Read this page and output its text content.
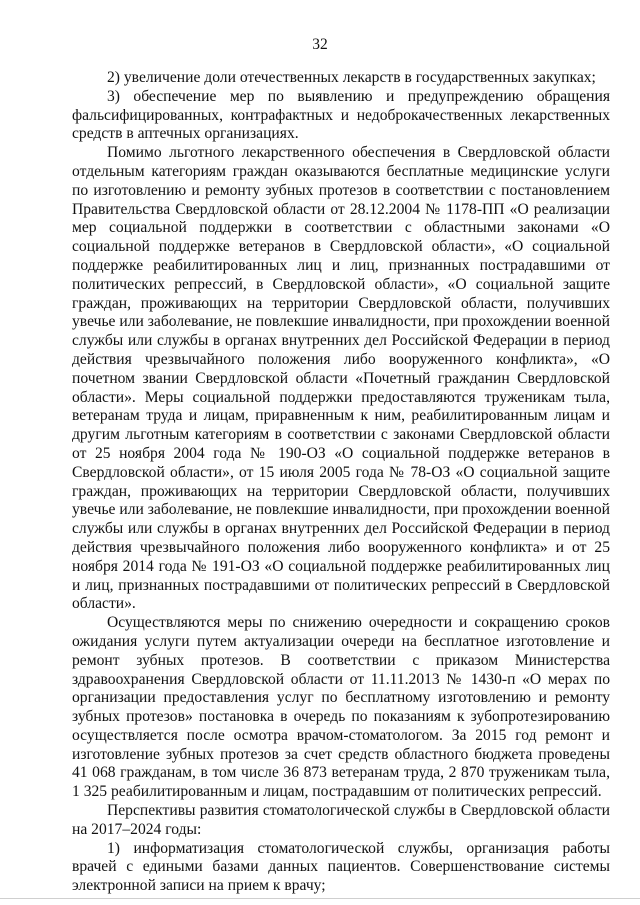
32

2) увеличение доли отечественных лекарств в государственных закупках;

3) обеспечение мер по выявлению и предупреждению обращения фальсифицированных, контрафактных и недоброкачественных лекарственных средств в аптечных организациях.

Помимо льготного лекарственного обеспечения в Свердловской области отдельным категориям граждан оказываются бесплатные медицинские услуги по изготовлению и ремонту зубных протезов в соответствии с постановлением Правительства Свердловской области от 28.12.2004 № 1178-ПП «О реализации мер социальной поддержки в соответствии с областными законами «О социальной поддержке ветеранов в Свердловской области», «О социальной поддержке реабилитированных лиц и лиц, признанных пострадавшими от политических репрессий, в Свердловской области», «О социальной защите граждан, проживающих на территории Свердловской области, получивших увечье или заболевание, не повлекшие инвалидности, при прохождении военной службы или службы в органах внутренних дел Российской Федерации в период действия чрезвычайного положения либо вооруженного конфликта», «О почетном звании Свердловской области «Почетный гражданин Свердловской области». Меры социальной поддержки предоставляются труженикам тыла, ветеранам труда и лицам, приравненным к ним, реабилитированным лицам и другим льготным категориям в соответствии с законами Свердловской области от 25 ноября 2004 года № 190-ОЗ «О социальной поддержке ветеранов в Свердловской области», от 15 июля 2005 года № 78-ОЗ «О социальной защите граждан, проживающих на территории Свердловской области, получивших увечье или заболевание, не повлекшие инвалидности, при прохождении военной службы или службы в органах внутренних дел Российской Федерации в период действия чрезвычайного положения либо вооруженного конфликта» и от 25 ноября 2014 года № 191-ОЗ «О социальной поддержке реабилитированных лиц и лиц, признанных пострадавшими от политических репрессий в Свердловской области».

Осуществляются меры по снижению очередности и сокращению сроков ожидания услуги путем актуализации очереди на бесплатное изготовление и ремонт зубных протезов. В соответствии с приказом Министерства здравоохранения Свердловской области от 11.11.2013 № 1430-п «О мерах по организации предоставления услуг по бесплатному изготовлению и ремонту зубных протезов» постановка в очередь по показаниям к зубопротезированию осуществляется после осмотра врачом-стоматологом. За 2015 год ремонт и изготовление зубных протезов за счет средств областного бюджета проведены 41 068 гражданам, в том числе 36 873 ветеранам труда, 2 870 труженикам тыла, 1 325 реабилитированным и лицам, пострадавшим от политических репрессий.

Перспективы развития стоматологической службы в Свердловской области на 2017–2024 годы:

1) информатизация стоматологической службы, организация работы врачей с едиными базами данных пациентов. Совершенствование системы электронной записи на прием к врачу;
